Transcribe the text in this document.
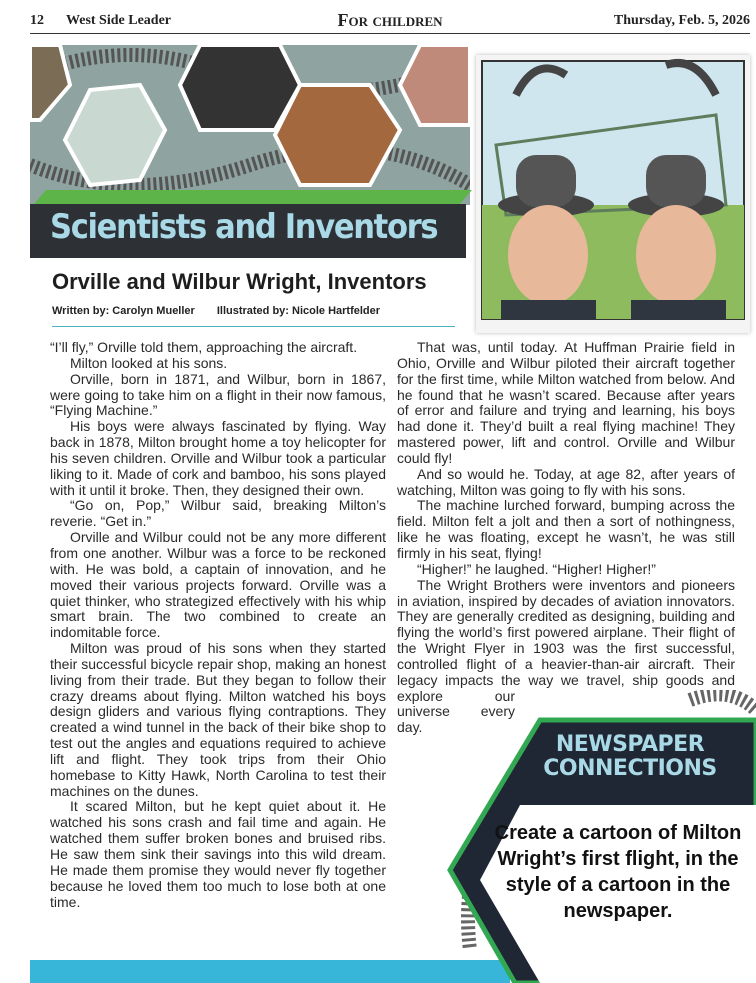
12 West Side Leader	For children	Thursday, Feb. 5, 2026
Scientists and Inventors
Orville and Wilbur Wright, Inventors
Written by: Carolyn Mueller Illustrated by: Nicole Hartfelder

“I’ll fly,” Orville told them, approaching the aircraft.

Milton looked at his sons.

Orville, born in 1871, and Wilbur, born in 1867, were going to take him on a flight in their now famous, “Flying Machine.”

His boys were always fascinated by flying. Way back in 1878, Milton brought home a toy helicopter for his seven children. Orville and Wilbur took a particular liking to it. Made of cork and bamboo, his sons played with it until it broke. Then, they designed their own.

“Go on, Pop,” Wilbur said, breaking Milton’s reverie. “Get in.”

Orville and Wilbur could not be any more different from one another. Wilbur was a force to be reckoned with. He was bold, a captain of innovation, and he moved their various projects forward. Orville was a quiet thinker, who strategized effectively with his whip smart brain. The two combined to create an indomitable force.

Milton was proud of his sons when they started their successful bicycle repair shop, making an honest living from their trade. But they began to follow their crazy dreams about flying. Milton watched his boys design gliders and various flying contraptions. They created a wind tunnel in the back of their bike shop to test out the angles and equations required to achieve lift and flight. They took trips from their Ohio homebase to Kitty Hawk, North Carolina to test their machines on the dunes.

It scared Milton, but he kept quiet about it. He watched his sons crash and fail time and again. He watched them suffer broken bones and bruised ribs. He saw them sink their savings into this wild dream. He made them promise they would never fly together because he loved them too much to lose both at one time.

That was, until today. At Huffman Prairie field in Ohio, Orville and Wilbur piloted their aircraft together for the first time, while Milton watched from below. And he found that he wasn’t scared. Because after years of error and failure and trying and learning, his boys had done it. They’d built a real flying machine! They mastered power, lift and control. Orville and Wilbur could fly!

And so would he. Today, at age 82, after years of watching, Milton was going to fly with his sons.

The machine lurched forward, bumping across the field. Milton felt a jolt and then a sort of nothingness, like he was floating, except he wasn’t, he was still firmly in his seat, flying!

“Higher!” he laughed. “Higher! Higher!”

The Wright Brothers were inventors and pioneers in aviation, inspired by decades of aviation innovators. They are generally credited as designing, building and flying the world’s first powered airplane. Their flight of the Wright Flyer in 1903 was the first successful, controlled flight of a heavier-than-air aircraft. Their legacy impacts the way we travel, ship goods and explore our universe every day.

NEWSPAPER
CONNECTIONS
Create a cartoon of Milton Wright’s first flight, in the style of a cartoon in the newspaper.
